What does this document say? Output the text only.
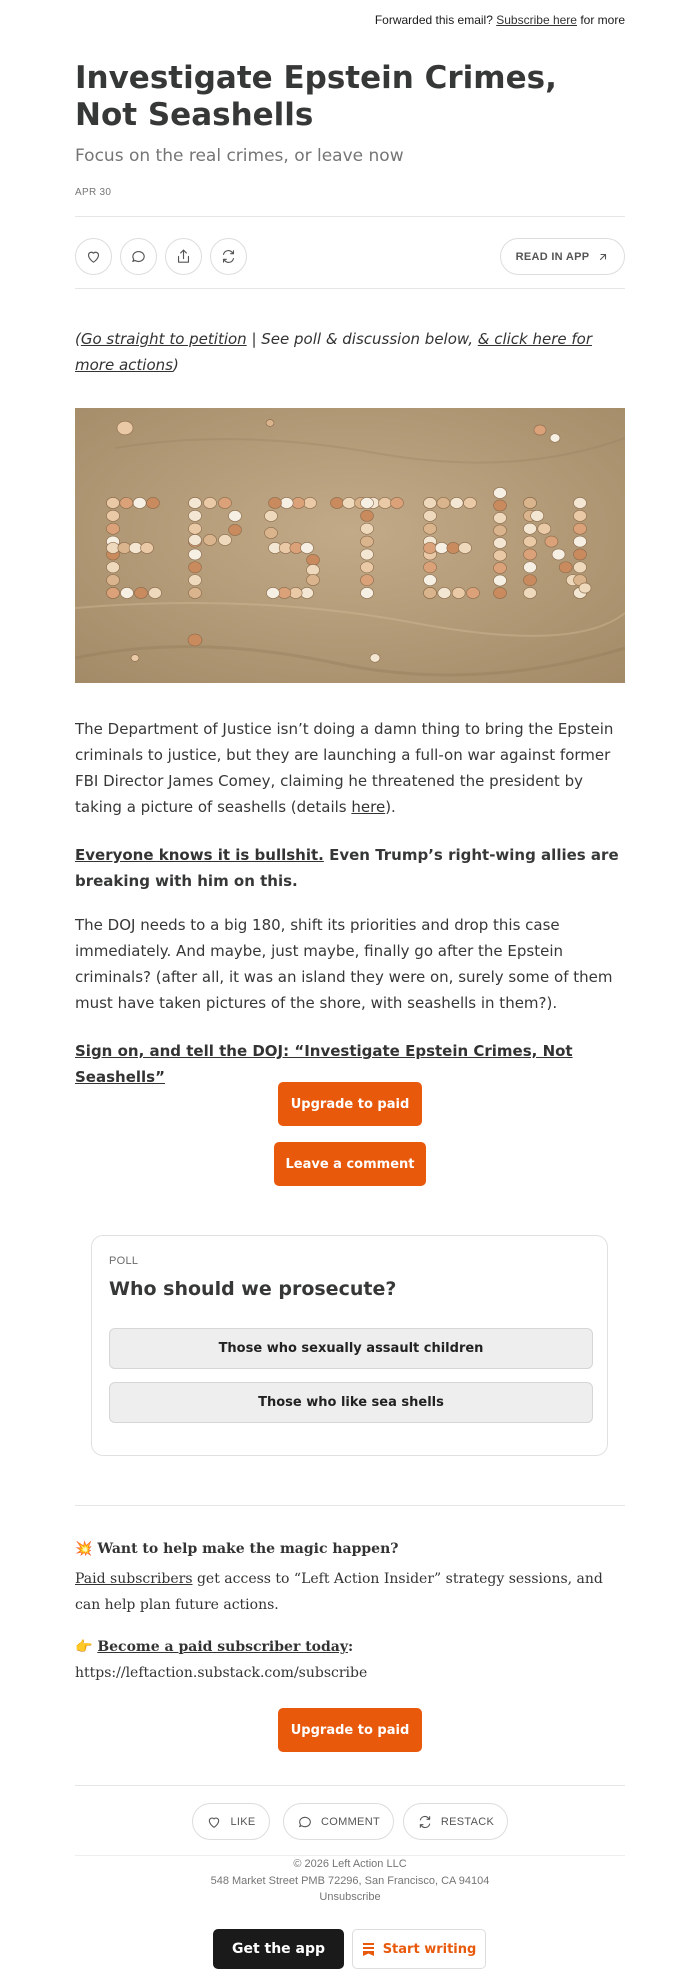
Forwarded this email? Subscribe here for more
Investigate Epstein Crimes, Not Seashells
Focus on the real crimes, or leave now
APR 30
READ IN APP
(Go straight to petition | See poll & discussion below, & click here for more actions)

The Department of Justice isn’t doing a damn thing to bring the Epstein criminals to justice, but they are launching a full-on war against former FBI Director James Comey, claiming he threatened the president by taking a picture of seashells (details here).

Everyone knows it is bullshit. Even Trump’s right-wing allies are breaking with him on this.

The DOJ needs to a big 180, shift its priorities and drop this case immediately. And maybe, just maybe, finally go after the Epstein criminals? (after all, it was an island they were on, surely some of them must have taken pictures of the shore, with seashells in them?).

Sign on, and tell the DOJ: “Investigate Epstein Crimes, Not Seashells”

Upgrade to paid
Leave a comment
POLL
Who should we prosecute?
Those who sexually assault children
Those who like sea shells
💥 Want to help make the magic happen?
Paid subscribers get access to “Left Action Insider” strategy sessions, and can help plan future actions.
👉 Become a paid subscriber today:
https://leftaction.substack.com/subscribe
Upgrade to paid
LIKE	COMMENT	RESTACK
© 2026 Left Action LLC
548 Market Street PMB 72296, San Francisco, CA 94104
Unsubscribe
Get the app	Start writing
